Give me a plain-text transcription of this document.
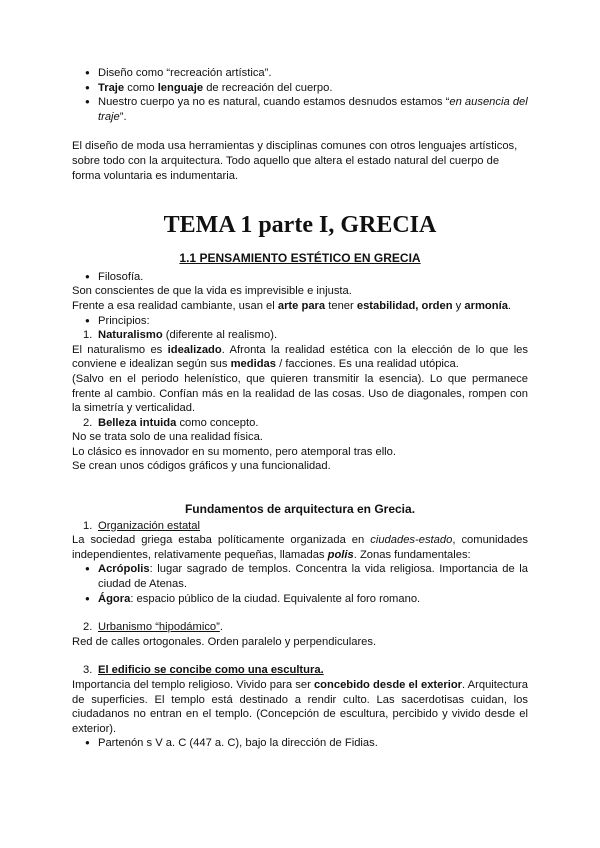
● Diseño como “recreación artística”.
● Traje como lenguaje de recreación del cuerpo.
● Nuestro cuerpo ya no es natural, cuando estamos desnudos estamos “en ausencia del traje”.

El diseño de moda usa herramientas y disciplinas comunes con otros lenguajes artísticos, sobre todo con la arquitectura. Todo aquello que altera el estado natural del cuerpo de forma voluntaria es indumentaria.

TEMA 1 parte I, GRECIA

1.1 PENSAMIENTO ESTÉTICO EN GRECIA

● Filosofía.

Son conscientes de que la vida es imprevisible e injusta.

Frente a esa realidad cambiante, usan el arte para tener estabilidad, orden y armonía.

● Principios:

1. Naturalismo (diferente al realismo).

El naturalismo es idealizado. Afronta la realidad estética con la elección de lo que les conviene e idealizan según sus medidas / facciones. Es una realidad utópica.

(Salvo en el periodo helenístico, que quieren transmitir la esencia). Lo que permanece frente al cambio. Confían más en la realidad de las cosas. Uso de diagonales, rompen con la simetría y verticalidad.

2. Belleza intuida como concepto.

No se trata solo de una realidad física.

Lo clásico es innovador en su momento, pero atemporal tras ello.

Se crean unos códigos gráficos y una funcionalidad.

Fundamentos de arquitectura en Grecia.

1. Organización estatal

La sociedad griega estaba políticamente organizada en ciudades-estado, comunidades independientes, relativamente pequeñas, llamadas polis. Zonas fundamentales:

● Acrópolis: lugar sagrado de templos. Concentra la vida religiosa. Importancia de la ciudad de Atenas.
● Ágora: espacio público de la ciudad. Equivalente al foro romano.

2. Urbanismo “hipodámico”.

Red de calles ortogonales. Orden paralelo y perpendiculares.

3. El edificio se concibe como una escultura.

Importancia del templo religioso. Vivido para ser concebido desde el exterior. Arquitectura de superficies. El templo está destinado a rendir culto. Las sacerdotisas cuidan, los ciudadanos no entran en el templo. (Concepción de escultura, percibido y vivido desde el exterior).

● Partenón s V a. C (447 a. C), bajo la dirección de Fidias.
